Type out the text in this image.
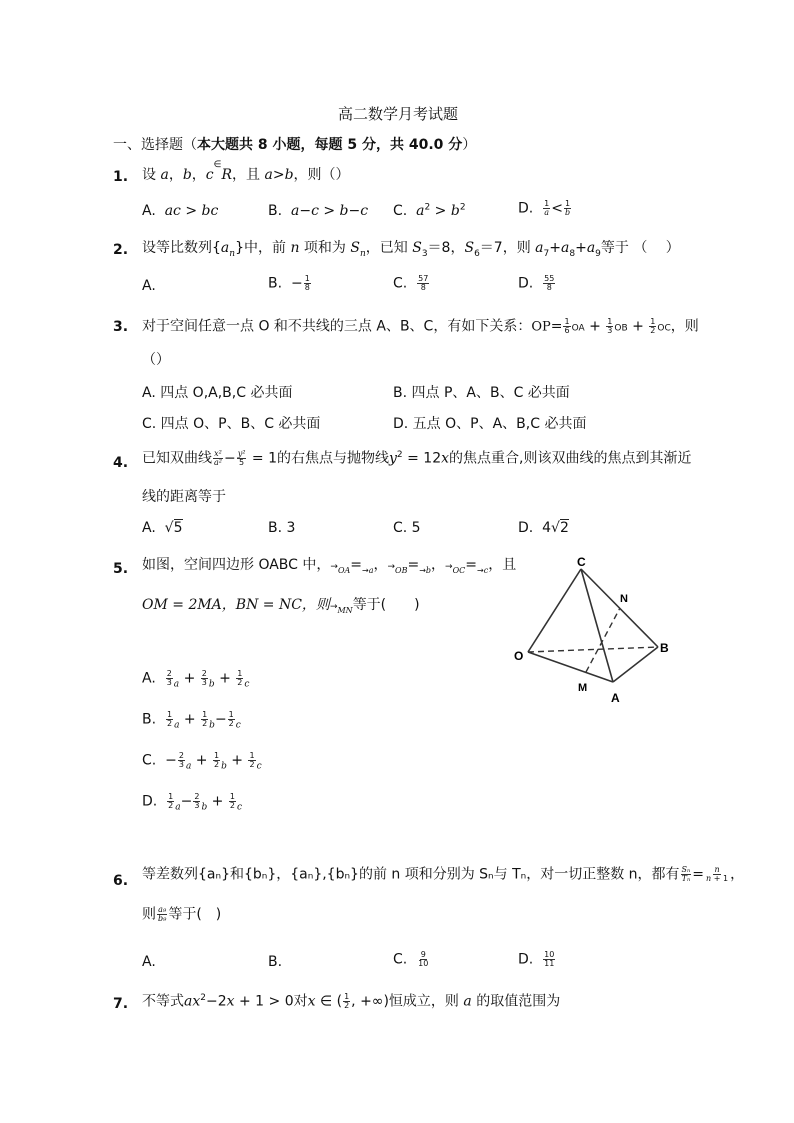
高二数学月考试题
一、选择题（本大题共 8 小题，每题 5 分，共 40.0 分）
1. 设 a，b，c∈R，且 a>b，则（）
A. ac > bc	B. a−c > b−c C. $a^2 > b^2$	D. $\frac{1}{a} < \frac{1}{b}$
2. 设等比数列$\{a_n\}$中，前 n 项和为 $S_n$，已知 $S_3=8$，$S_6=7$，则 $a_7+a_8+a_9$等于 （　 ）
A.	B.  − $\frac{1}{8}$	C. $\frac{57}{8}$	D. $\frac{55}{8}$
3. 对于空间任意一点 O 和不共线的三点 A、B、C，有如下关系：$OP= \frac{1}{6}$ OA + $\frac{1}{3}$ OB + $\frac{1}{2}$ OC，则
（）
A. 四点 O,A,B,C 必共面	B. 四点 P、A、B、C 必共面
C. 四点 O、P、B、C 必共面	D. 五点 O、P、A、B,C 必共面
4. 已知双曲线 $\frac{\text{x²}}{\text{a²}} - \frac{\text{y²}}{5} = 1$的右焦点与抛物线$y^2 = 12x$的焦点重合,则该双曲线的焦点到其渐近
线的距离等于
A.  √5	B. 3	C. 5	D.  4√2
5. 如图，空间四边形 OABC 中，$\to_{OA}=_{\to a}$，$\to_{OB}=_{\to b}$，$\to_{OC}=_{\to c}$，且
OM = 2MA，BN = NC，则$\to_{MN}$等于(　　)
A. $\frac{2}{3} _a + \frac{2}{3} _b + \frac{1}{2} _c$
B. $\frac{1}{2} _a + \frac{1}{2} _b- \frac{1}{2} _c$
C.  − $\frac{2}{3} _a + \frac{1}{2} _b + \frac{1}{2} _c$
D. $\frac{1}{2} _a- \frac{2}{3} _b + \frac{1}{2} _c$
C
N
O
B
M
A
6. 等差数列{aₙ}和{bₙ}，{aₙ},{bₙ}的前 n 项和分别为 Sₙ与 Tₙ，对一切正整数 n，都有 $\frac{\text{Sₙ}}{\text{Tₙ}} = \frac{n}{n + 1}$ ，
则 $\frac{\text{a₉}}{\text{b₉}}$ 等于(　)
A.	B.	C. $\frac{9}{10}$	D. $\frac{10}{11}$
7. 不等式$ax^2-2x + 1 > 0$对x ∈ ( $\frac{1}{2}$ , +∞)恒成立，则 a 的取值范围为
